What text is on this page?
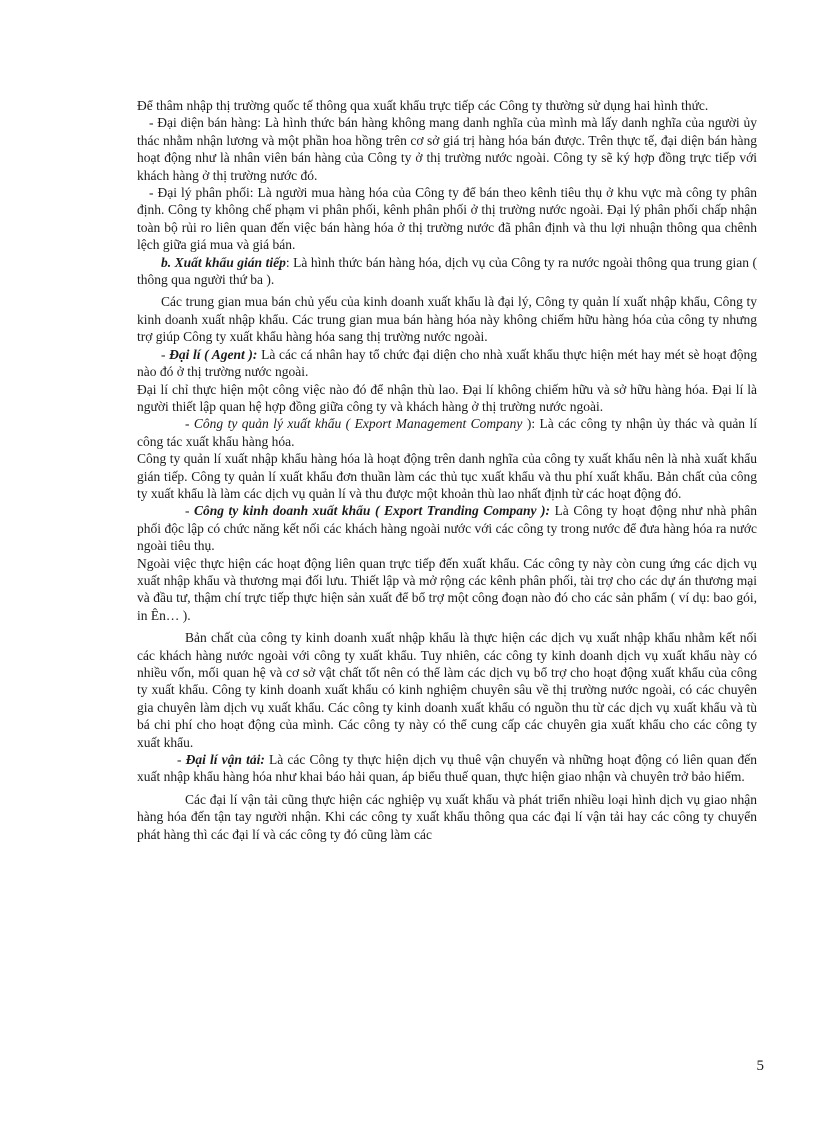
Để thâm nhập thị trường quốc tế thông qua xuất khẩu trực tiếp các Công ty thường sử dụng hai hình thức.

- Đại diện bán hàng: Là hình thức bán hàng không mang danh nghĩa của mình mà lấy danh nghĩa của người ủy thác nhằm nhận lương và một phần hoa hồng trên cơ sở giá trị hàng hóa bán được. Trên thực tế, đại diện bán hàng hoạt động như là nhân viên bán hàng của Công ty ở thị trường nước ngoài. Công ty sẽ ký hợp đồng trực tiếp với khách hàng ở thị trường nước đó.

- Đại lý phân phối: Là người mua hàng hóa của Công ty để bán theo kênh tiêu thụ ở khu vực mà công ty phân định. Công ty không chế phạm vi phân phối, kênh phân phối ở thị trường nước ngoài. Đại lý phân phối chấp nhận toàn bộ rủi ro liên quan đến việc bán hàng hóa ở thị trường nước đã phân định và thu lợi nhuận thông qua chênh lệch giữa giá mua và giá bán.

b. Xuất khẩu gián tiếp: Là hình thức bán hàng hóa, dịch vụ của Công ty ra nước ngoài thông qua trung gian ( thông qua người thứ ba ).

Các trung gian mua bán chủ yếu của kinh doanh xuất khẩu là đại lý, Công ty quản lí xuất nhập khẩu, Công ty kinh doanh xuất nhập khẩu. Các trung gian mua bán hàng hóa này không chiếm hữu hàng hóa của công ty nhưng trợ giúp Công ty xuất khẩu hàng hóa sang thị trường nước ngoài.

- Đại lí ( Agent ): Là các cá nhân hay tổ chức đại diện cho nhà xuất khẩu thực hiện mét hay mét sè hoạt động nào đó ở thị trường nước ngoài.

Đại lí chỉ thực hiện một công việc nào đó để nhận thù lao. Đại lí không chiếm hữu và sở hữu hàng hóa. Đại lí là người thiết lập quan hệ hợp đồng giữa công ty và khách hàng ở thị trường nước ngoài.

- Công ty quản lý xuất khẩu ( Export Management Company ): Là các công ty nhận ủy thác và quản lí công tác xuất khẩu hàng hóa.

Công ty quản lí xuất nhập khẩu hàng hóa là hoạt động trên danh nghĩa của công ty xuất khẩu nên là nhà xuất khẩu gián tiếp. Công ty quản lí xuất khẩu đơn thuần làm các thủ tục xuất khẩu và thu phí xuất khẩu. Bản chất của công ty xuất khẩu là làm các dịch vụ quản lí và thu được một khoản thù lao nhất định từ các hoạt động đó.

- Công ty kinh doanh xuất khẩu ( Export Tranding Company ): Là Công ty hoạt động như nhà phân phối độc lập có chức năng kết nối các khách hàng ngoài nước với các công ty trong nước để đưa hàng hóa ra nước ngoài tiêu thụ.

Ngoài việc thực hiện các hoạt động liên quan trực tiếp đến xuất khẩu. Các công ty này còn cung ứng các dịch vụ xuất nhập khẩu và thương mại đối lưu. Thiết lập và mở rộng các kênh phân phối, tài trợ cho các dự án thương mại và đầu tư, thậm chí trực tiếp thực hiện sản xuất để bổ trợ một công đoạn nào đó cho các sản phẩm ( ví dụ: bao gói, in Ên… ).

Bản chất của công ty kinh doanh xuất nhập khẩu là thực hiện các dịch vụ xuất nhập khẩu nhằm kết nối các khách hàng nước ngoài với công ty xuất khẩu. Tuy nhiên, các công ty kinh doanh dịch vụ xuất khẩu này có nhiều vốn, mối quan hệ và cơ sở vật chất tốt nên có thể làm các dịch vụ bổ trợ cho hoạt động xuất khẩu của công ty xuất khẩu. Công ty kinh doanh xuất khẩu có kinh nghiệm chuyên sâu về thị trường nước ngoài, có các chuyên gia chuyên làm dịch vụ xuất khẩu. Các công ty kinh doanh xuất khẩu có nguồn thu từ các dịch vụ xuất khẩu và tù bá chi phí cho hoạt động của mình. Các công ty này có thể cung cấp các chuyên gia xuất khẩu cho các công ty xuất khẩu.

- Đại lí vận tải: Là các Công ty thực hiện dịch vụ thuê vận chuyển và những hoạt động có liên quan đến xuất nhập khẩu hàng hóa như khai báo hải quan, áp biểu thuế quan, thực hiện giao nhận và chuyên trở bảo hiểm.

Các đại lí vận tải cũng thực hiện các nghiệp vụ xuất khẩu và phát triển nhiều loại hình dịch vụ giao nhận hàng hóa đến tận tay người nhận. Khi các công ty xuất khẩu thông qua các đại lí vận tải hay các công ty chuyển phát hàng thì các đại lí và các công ty đó cũng làm các

5
